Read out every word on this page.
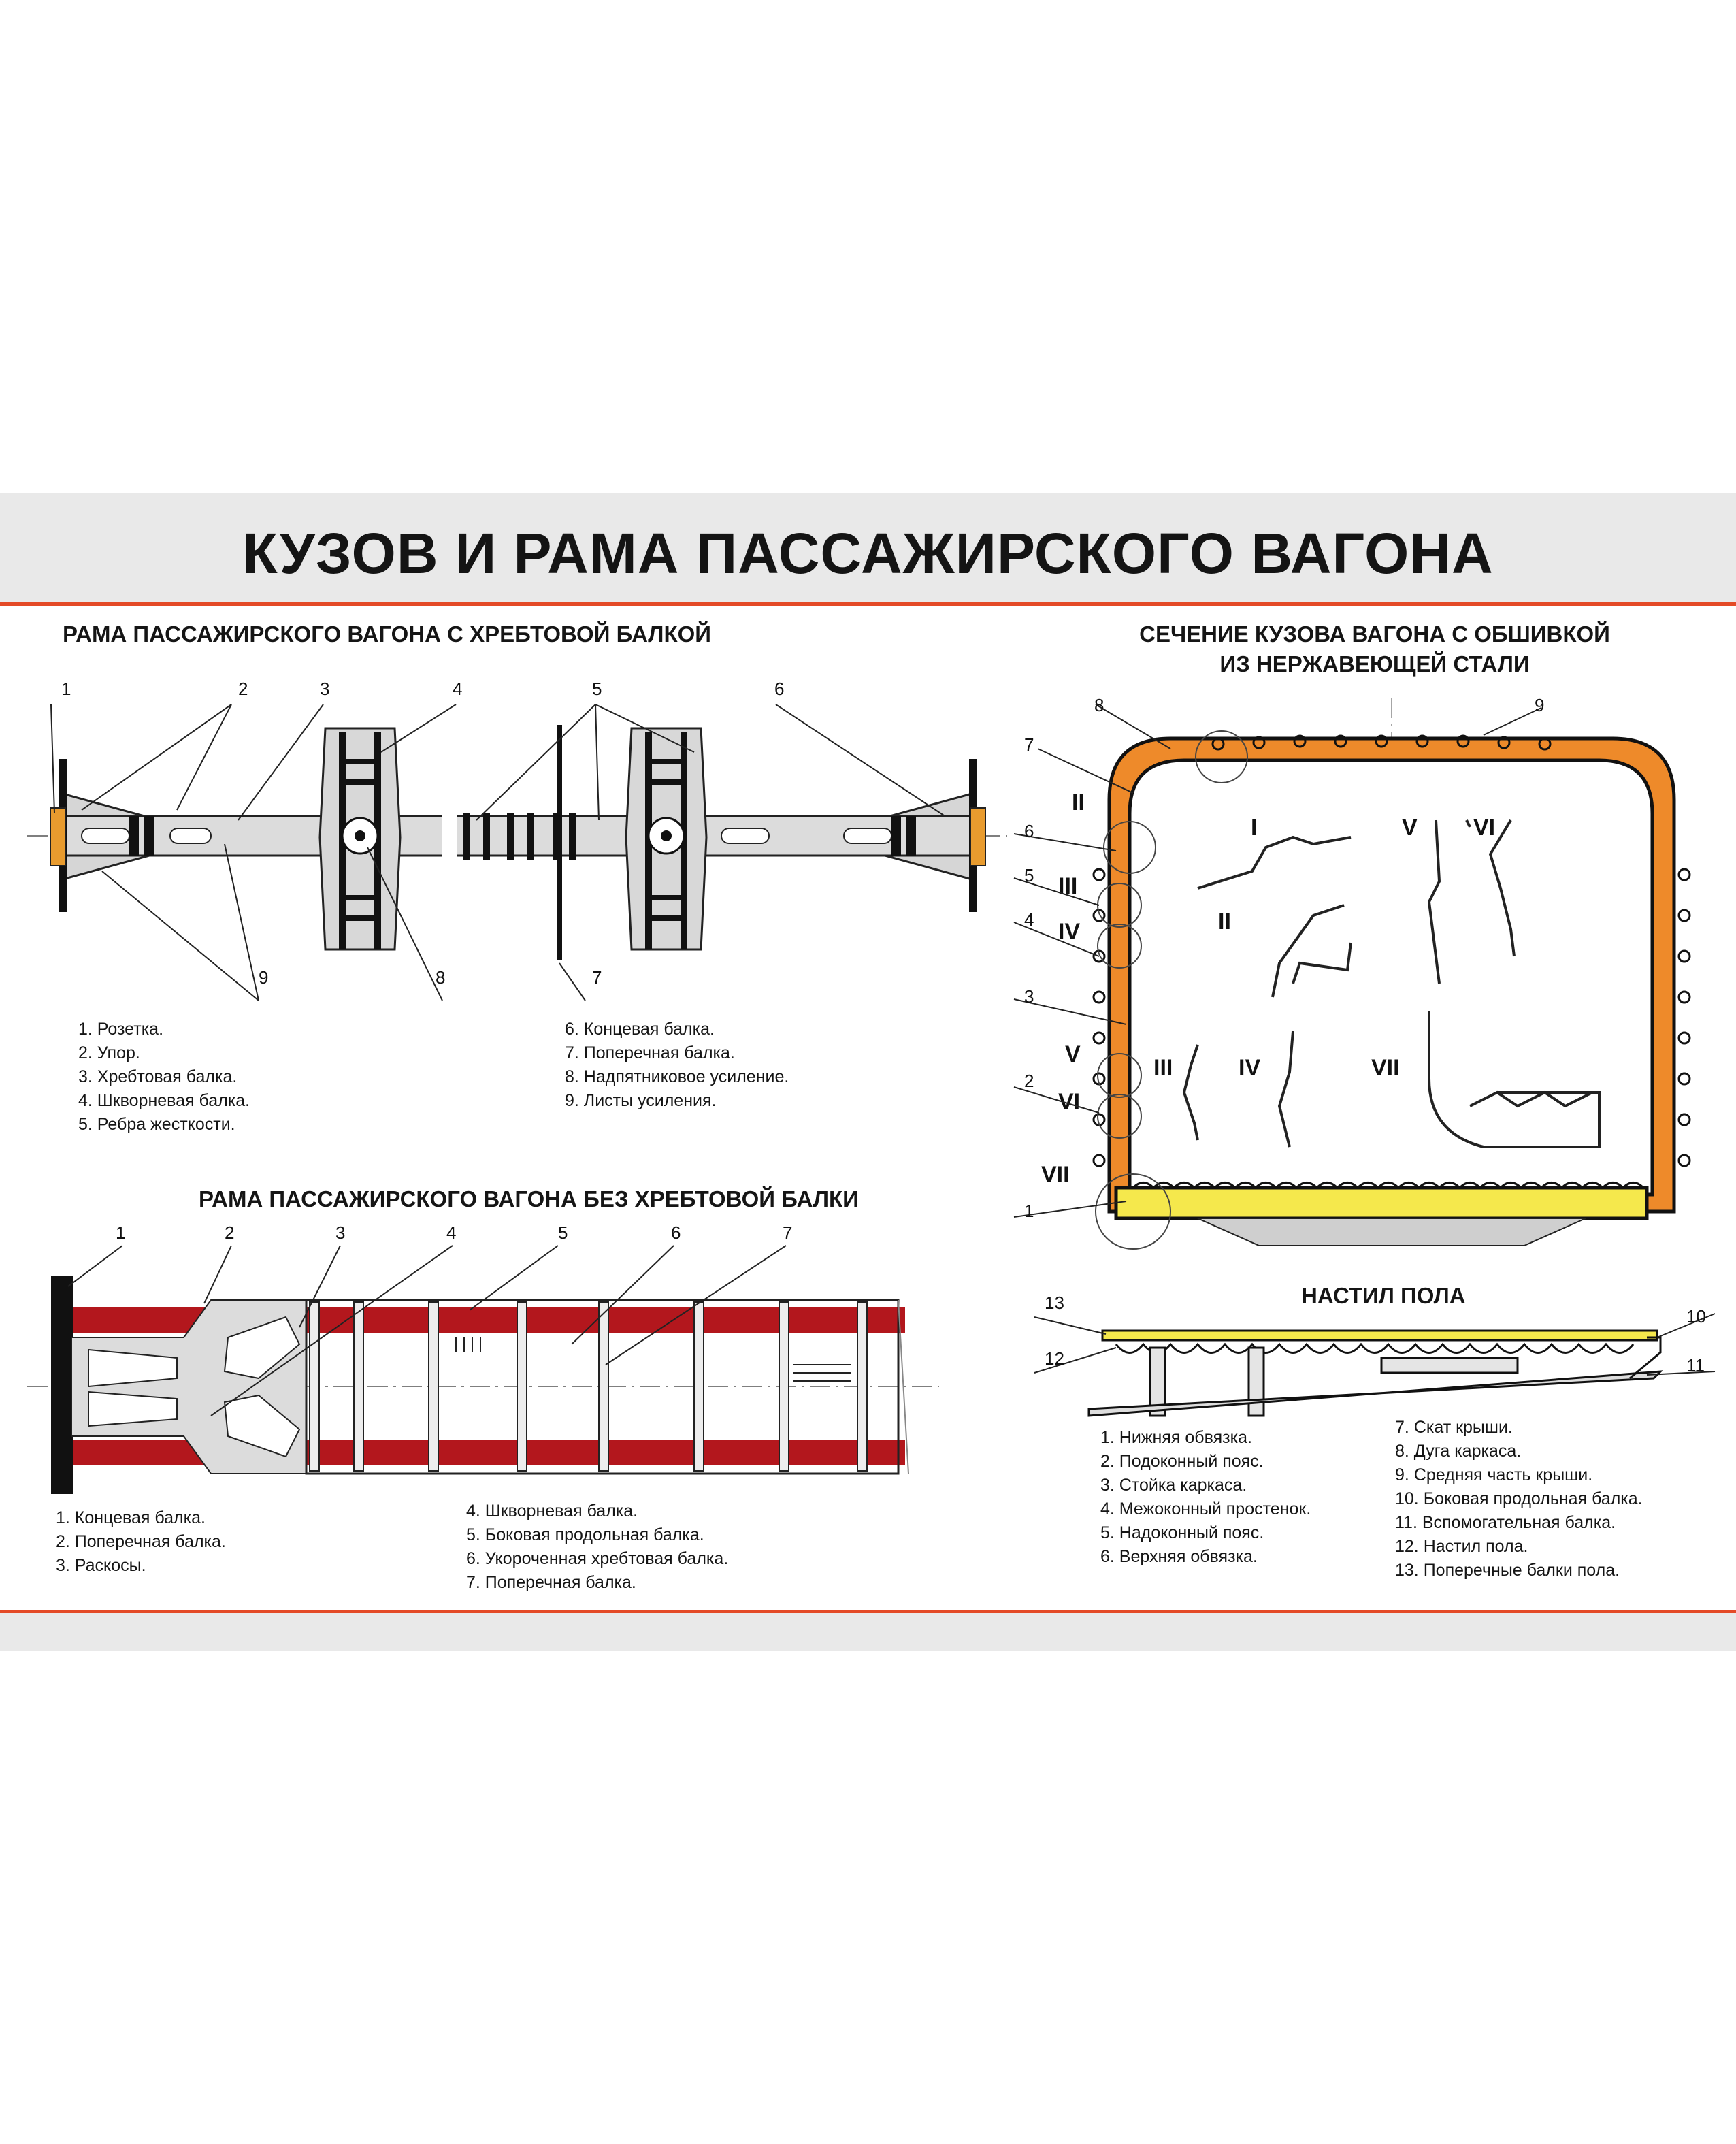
КУЗОВ И РАМА ПАССАЖИРСКОГО ВАГОНА
РАМА ПАССАЖИРСКОГО ВАГОНА С ХРЕБТОВОЙ БАЛКОЙ
РАМА ПАССАЖИРСКОГО ВАГОНА БЕЗ ХРЕБТОВОЙ БАЛКИ
СЕЧЕНИЕ КУЗОВА ВАГОНА С ОБШИВКОЙ
ИЗ НЕРЖАВЕЮЩЕЙ СТАЛИ
НАСТИЛ ПОЛА
1	2	3	4	5	6
7
8
9
1. Розетка.
2. Упор.
3. Хребтовая балка.
4. Шкворневая балка.
5. Ребра жесткости.
6. Концевая балка.
7. Поперечная балка.
8. Надпятниковое усиление.
9. Листы усиления.
1	2	3	4	5	6	7
1. Концевая балка.
2. Поперечная балка.
3. Раскосы.
4. Шкворневая балка.
5. Боковая продольная балка.
6. Укороченная хребтовая балка.
7. Поперечная балка.
I
II
III	IV
V VI
VII
II
III
IV
V
VI
VII
8
7
6
5
4
3
2
1
9
13
12
10
11
1. Нижняя обвязка.
2. Подоконный пояс.
3. Стойка каркаса.
4. Межоконный простенок.
5. Надоконный пояс.
6. Верхняя обвязка.
7. Скат крыши.
8. Дуга каркаса.
9. Средняя часть крыши.
10. Боковая продольная балка.
11. Вспомогательная балка.
12. Настил пола.
13. Поперечные балки пола.
